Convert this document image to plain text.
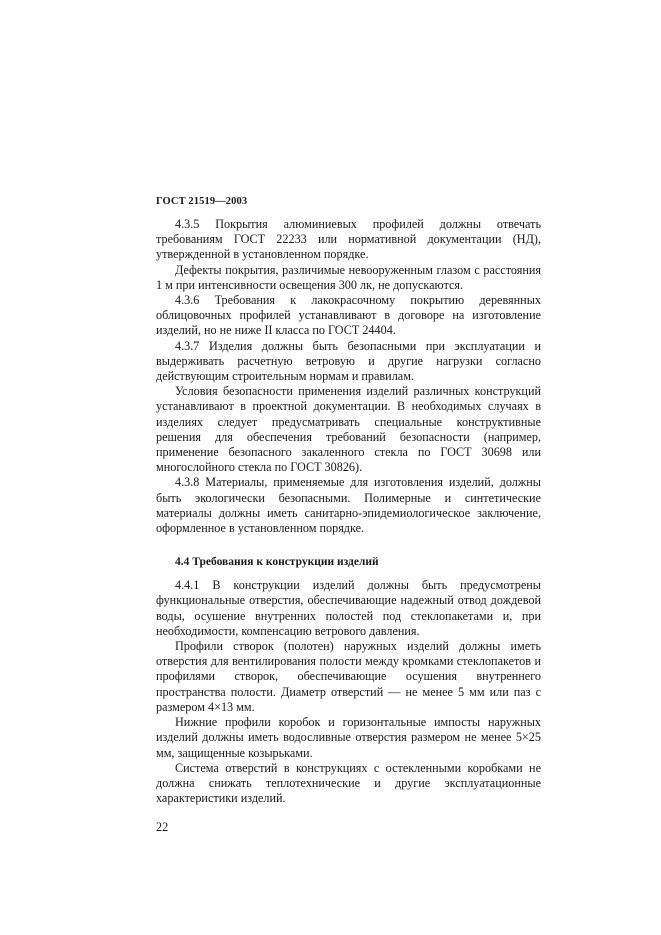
ГОСТ 21519—2003

4.3.5 Покрытия алюминиевых профилей должны отвечать требованиям ГОСТ 22233 или нормативной документации (НД), утвержденной в установленном порядке.

Дефекты покрытия, различимые невооруженным глазом с расстояния 1 м при интенсивности освещения 300 лк, не допускаются.

4.3.6 Требования к лакокрасочному покрытию деревянных облицовочных профилей устанавливают в договоре на изготовление изделий, но не ниже II класса по ГОСТ 24404.

4.3.7 Изделия должны быть безопасными при эксплуатации и выдерживать расчетную ветровую и другие нагрузки согласно действующим строительным нормам и правилам.

Условия безопасности применения изделий различных конструкций устанавливают в проектной документации. В необходимых случаях в изделиях следует предусматривать специальные конструктивные решения для обеспечения требований безопасности (например, применение безопасного закаленного стекла по ГОСТ 30698 или многослойного стекла по ГОСТ 30826).

4.3.8 Материалы, применяемые для изготовления изделий, должны быть экологически безопасными. Полимерные и синтетические материалы должны иметь санитарно-эпидемиологическое заключение, оформленное в установленном порядке.

4.4 Требования к конструкции изделий

4.4.1 В конструкции изделий должны быть предусмотрены функциональные отверстия, обеспечивающие надежный отвод дождевой воды, осушение внутренних полостей под стеклопакетами и, при необходимости, компенсацию ветрового давления.

Профили створок (полотен) наружных изделий должны иметь отверстия для вентилирования полости между кромками стеклопакетов и профилями створок, обеспечивающие осушения внутреннего пространства полости. Диаметр отверстий — не менее 5 мм или паз с размером 4×13 мм.

Нижние профили коробок и горизонтальные импосты наружных изделий должны иметь водосливные отверстия размером не менее 5×25 мм, защищенные козырьками.

Система отверстий в конструкциях с остекленными коробками не должна снижать теплотехнические и другие эксплуатационные характеристики изделий.

22
